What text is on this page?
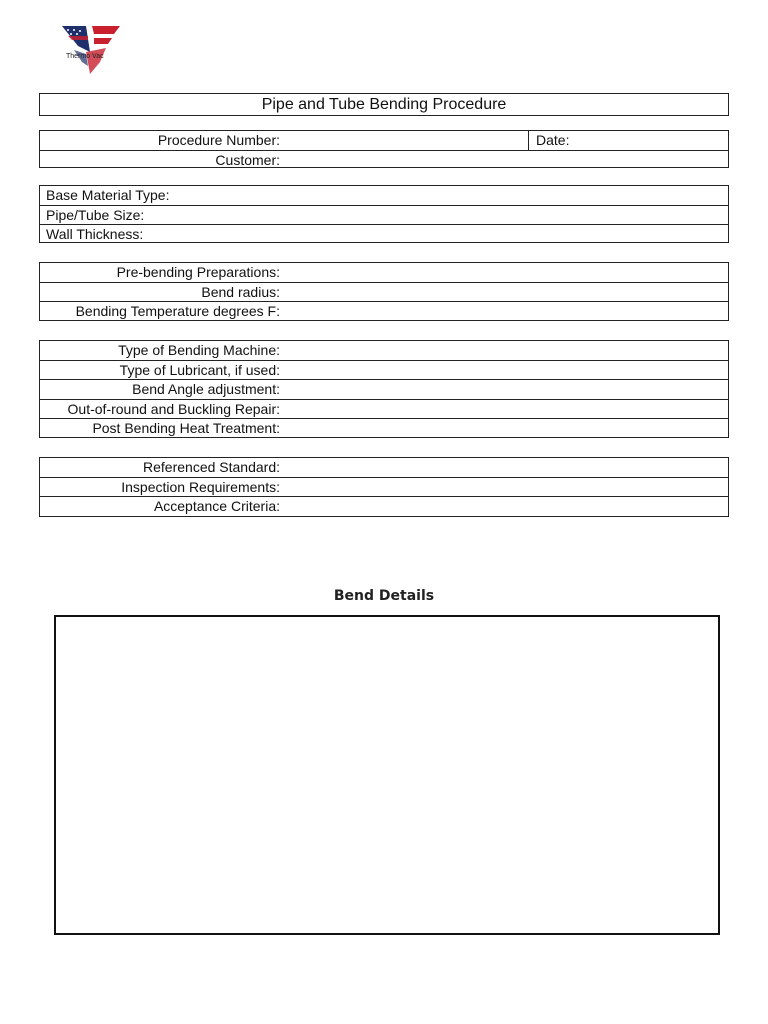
Thermo Vac
Pipe and Tube Bending Procedure
Procedure Number:	Date:
Customer:
Base Material Type:
Pipe/Tube Size:
Wall Thickness:
Pre-bending Preparations:
Bend radius:
Bending Temperature degrees F:
Type of Bending Machine:
Type of Lubricant, if used:
Bend Angle adjustment:
Out-of-round and Buckling Repair:
Post Bending Heat Treatment:
Referenced Standard:
Inspection Requirements:
Acceptance Criteria:
Bend Details
